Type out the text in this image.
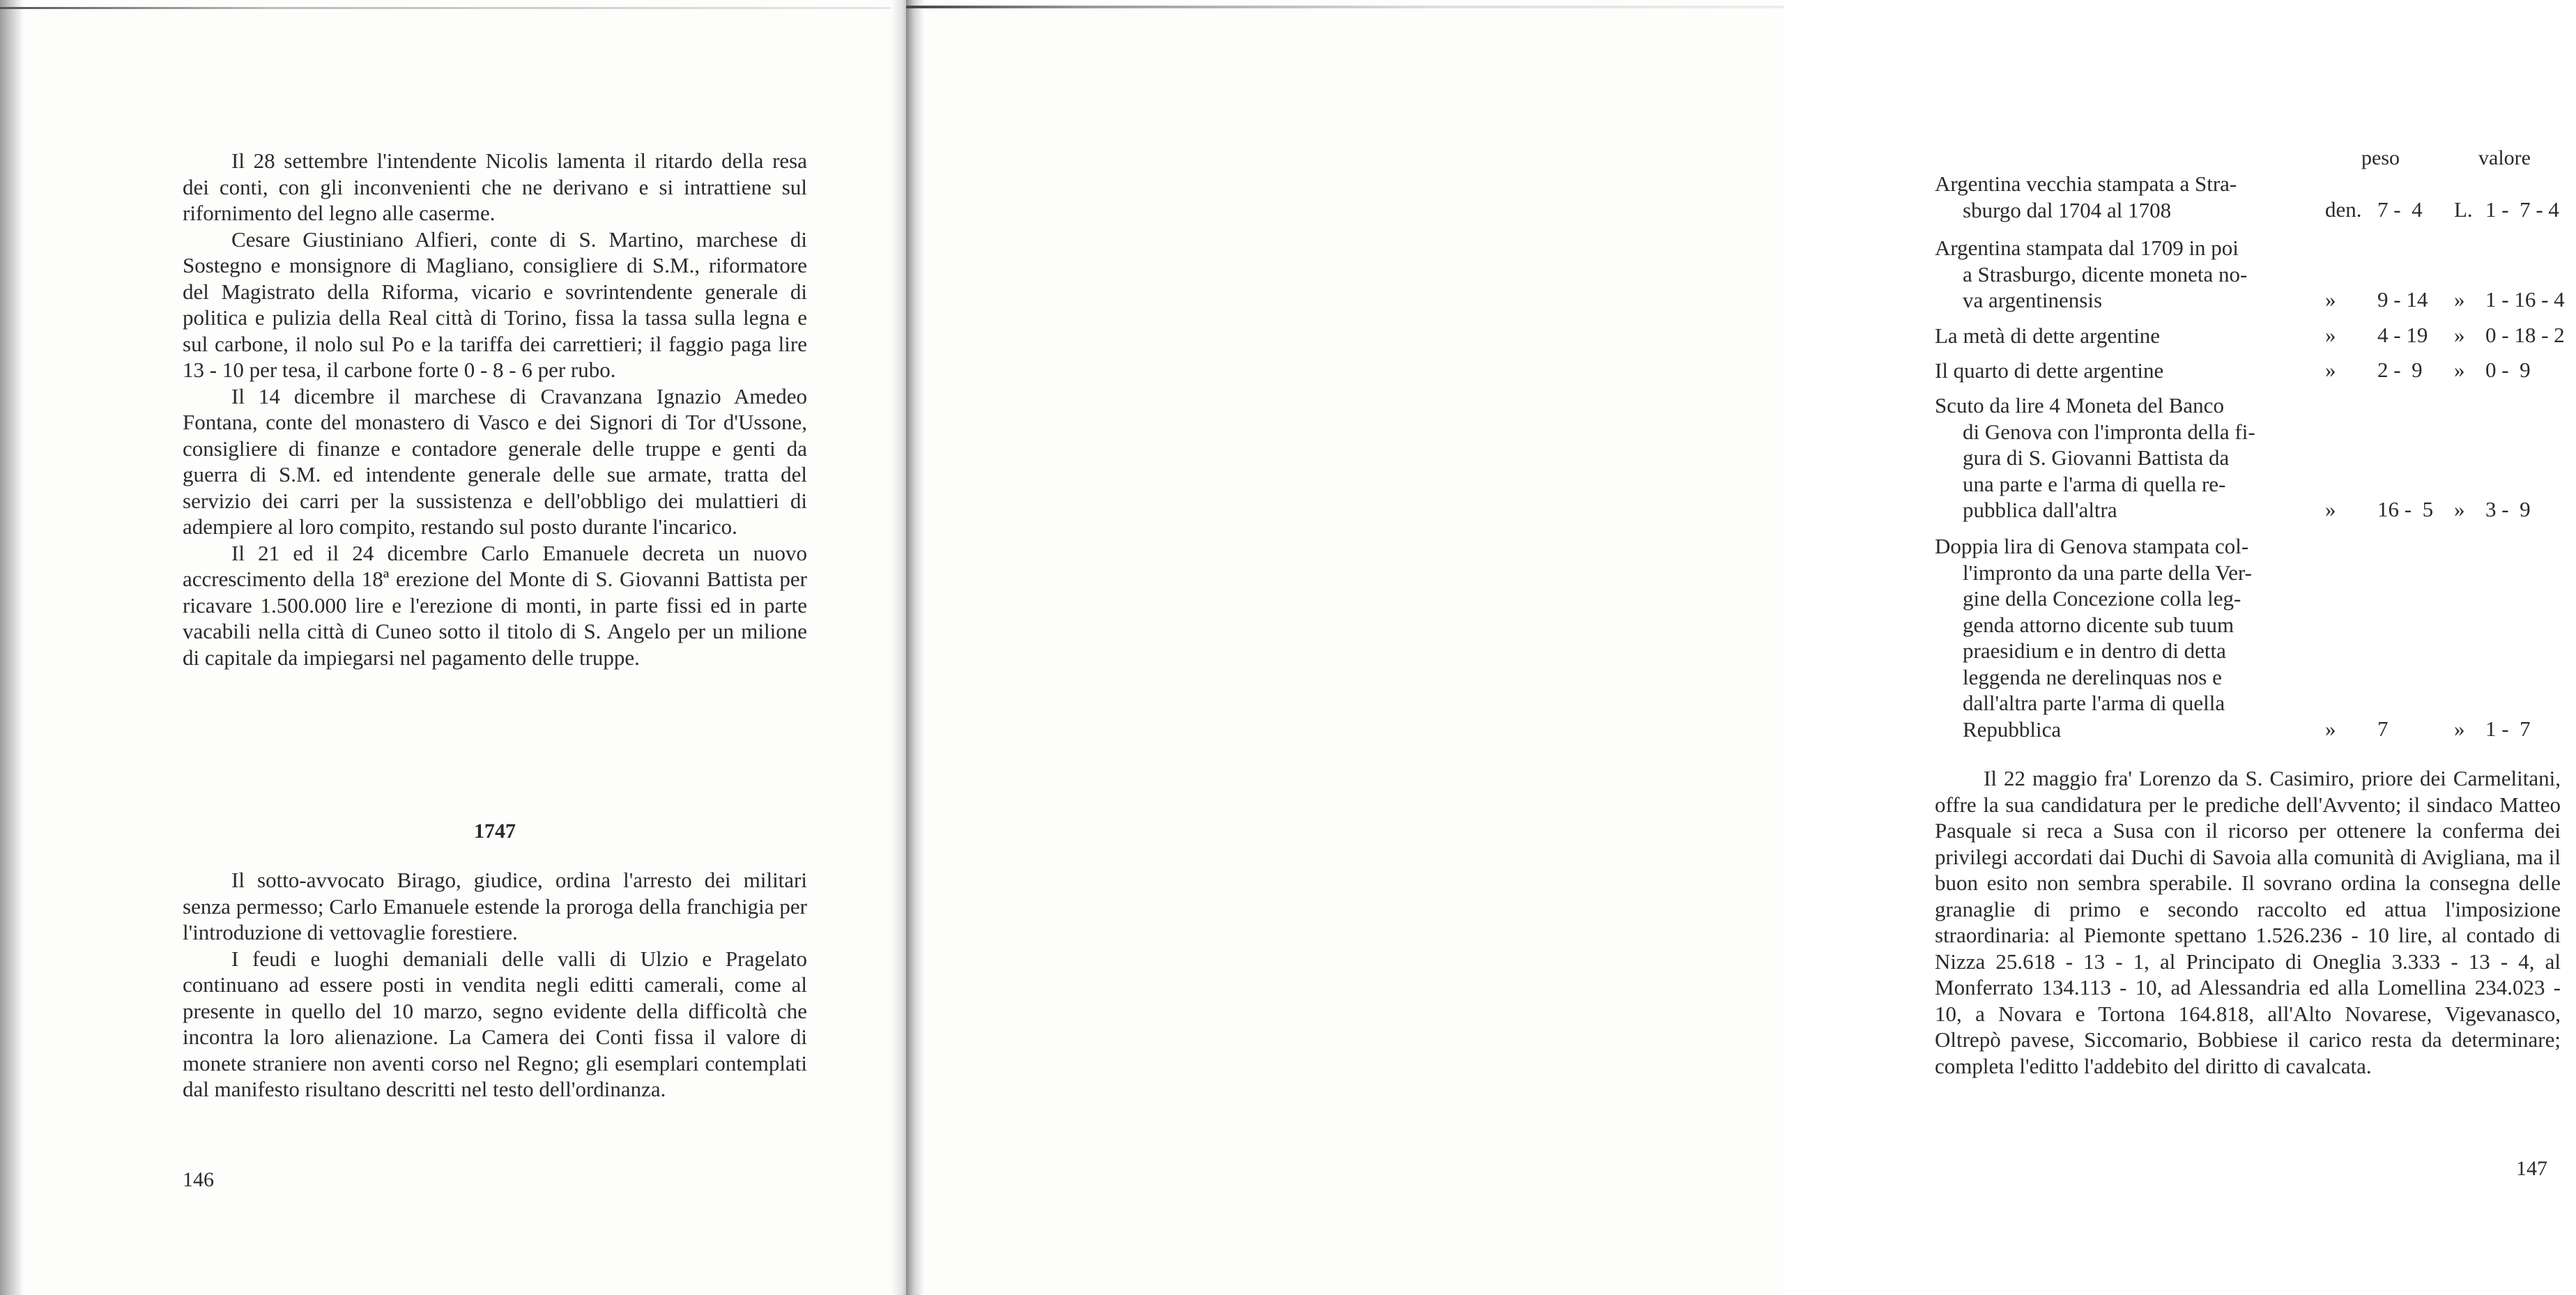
Il 28 settembre l'intendente Nicolis lamenta il ritardo della resa dei conti, con gli inconvenienti che ne derivano e si intrattiene sul rifornimento del legno alle caserme.

Cesare Giustiniano Alfieri, conte di S. Martino, marchese di Sostegno e monsignore di Magliano, consigliere di S.M., riformatore del Magistrato della Riforma, vicario e sovrintendente generale di politica e pulizia della Real città di Torino, fissa la tassa sulla legna e sul carbone, il nolo sul Po e la tariffa dei carrettieri; il faggio paga lire 13 - 10 per tesa, il carbone forte 0 - 8 - 6 per rubo.

Il 14 dicembre il marchese di Cravanzana Ignazio Amedeo Fontana, conte del monastero di Vasco e dei Signori di Tor d'Ussone, consigliere di finanze e contadore generale delle truppe e genti da guerra di S.M. ed intendente generale delle sue armate, tratta del servizio dei carri per la sussistenza e dell'obbligo dei mulattieri di adempiere al loro compito, restando sul posto durante l'incarico.

Il 21 ed il 24 dicembre Carlo Emanuele decreta un nuovo accrescimento della 18ª erezione del Monte di S. Giovanni Battista per ricavare 1.500.000 lire e l'erezione di monti, in parte fissi ed in parte vacabili nella città di Cuneo sotto il titolo di S. Angelo per un milione di capitale da impiegarsi nel pagamento delle truppe.

1747

Il sotto-avvocato Birago, giudice, ordina l'arresto dei militari senza permesso; Carlo Emanuele estende la proroga della franchigia per l'introduzione di vettovaglie forestiere.

I feudi e luoghi demaniali delle valli di Ulzio e Pragelato continuano ad essere posti in vendita negli editti camerali, come al presente in quello del 10 marzo, segno evidente della difficoltà che incontra la loro alienazione. La Camera dei Conti fissa il valore di monete straniere non aventi corso nel Regno; gli esemplari contemplati dal manifesto risultano descritti nel testo dell'ordinanza.

146
peso	valore
Argentina vecchia stampata a Stra-
sburgo dal 1704 al 1708	den. 7 -  4 L. 1 -  7 - 4
Argentina stampata dal 1709 in poi
a Strasburgo, dicente moneta no-
va argentinensis	» 9 - 14 » 1 - 16 - 4
La metà di dette argentine	» 4 - 19 » 0 - 18 - 2
Il quarto di dette argentine	» 2 -  9 » 0 -  9
Scuto da lire 4 Moneta del Banco
di Genova con l'impronta della fi-
gura di S. Giovanni Battista da
una parte e l'arma di quella re-
pubblica dall'altra	» 16 -  5 » 3 -  9
Doppia lira di Genova stampata col-
l'impronto da una parte della Ver-
gine della Concezione colla leg-
genda attorno dicente sub tuum
praesidium e in dentro di detta
leggenda ne derelinquas nos e
dall'altra parte l'arma di quella
Repubblica	» 7	» 1 -  7

Il 22 maggio fra' Lorenzo da S. Casimiro, priore dei Carmelitani, offre la sua candidatura per le prediche dell'Avvento; il sindaco Matteo Pasquale si reca a Susa con il ricorso per ottenere la conferma dei privilegi accordati dai Duchi di Savoia alla comunità di Avigliana, ma il buon esito non sembra sperabile. Il sovrano ordina la consegna delle granaglie di primo e secondo raccolto ed attua l'imposizione straordinaria: al Piemonte spettano 1.526.236 - 10 lire, al contado di Nizza 25.618 - 13 - 1, al Principato di Oneglia 3.333 - 13 - 4, al Monferrato 134.113 - 10, ad Alessandria ed alla Lomellina 234.023 - 10, a Novara e Tortona 164.818, all'Alto Novarese, Vigevanasco, Oltrepò pavese, Siccomario, Bobbiese il carico resta da determinare; completa l'editto l'addebito del diritto di cavalcata.

147
